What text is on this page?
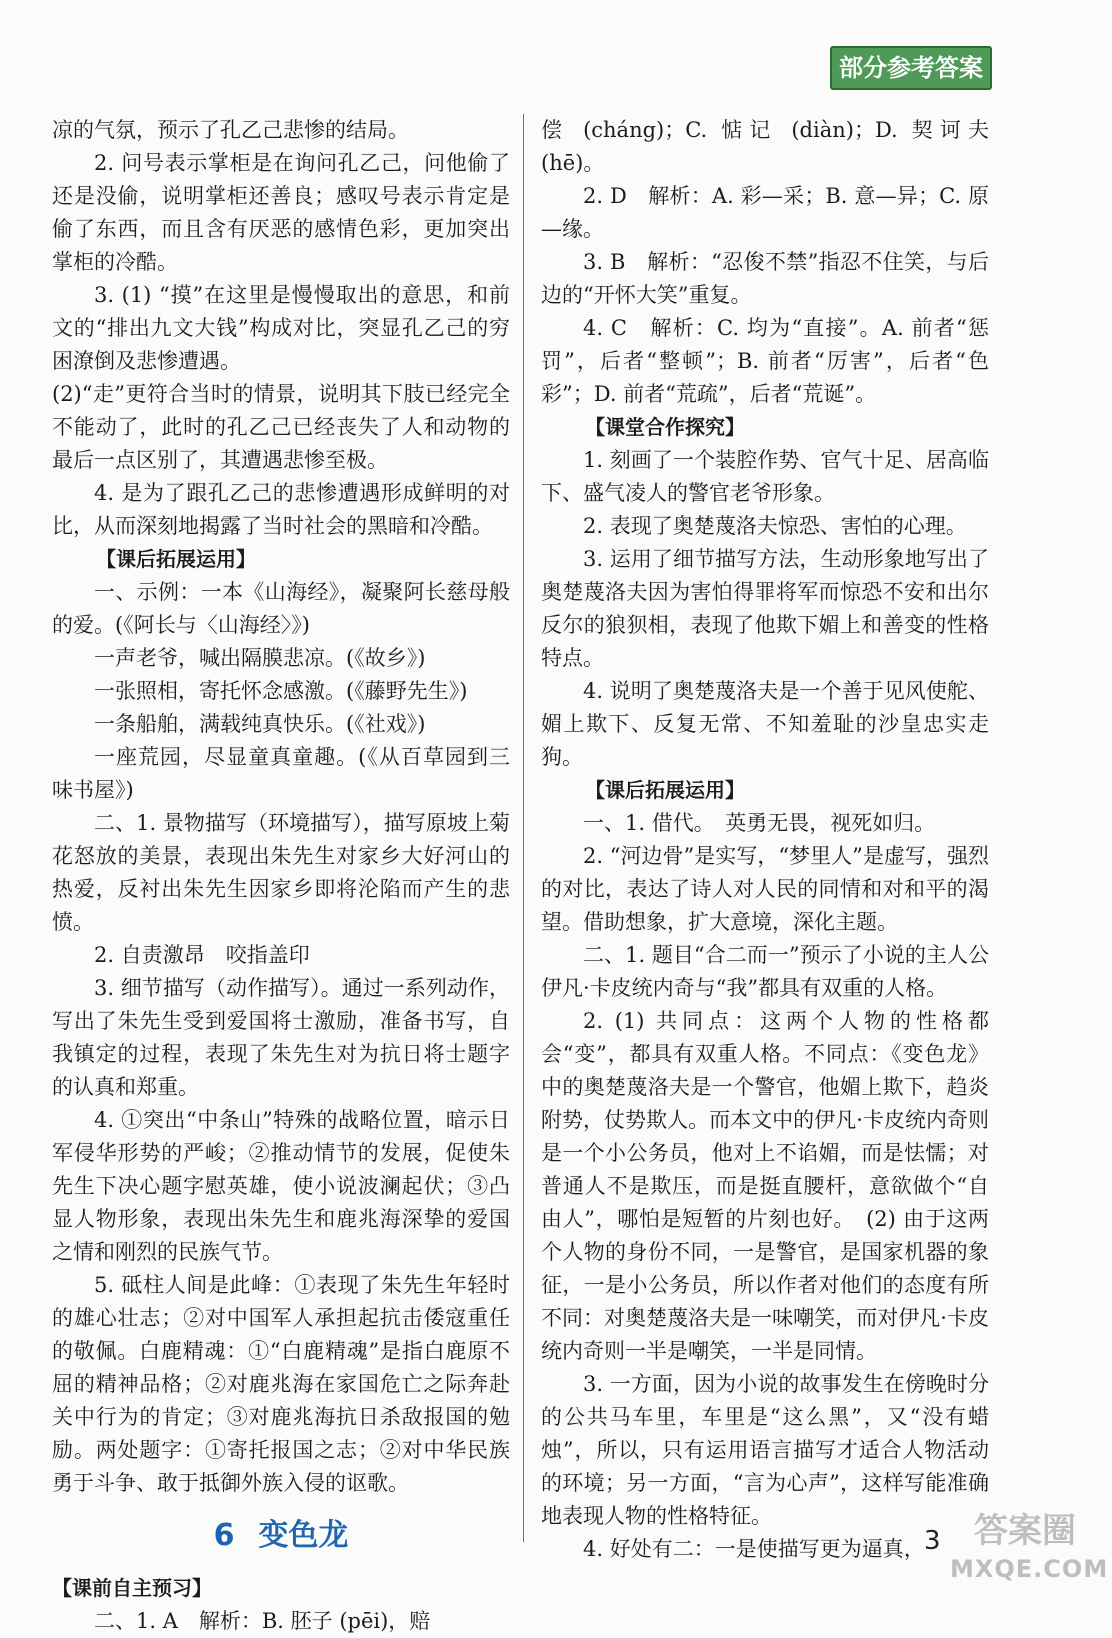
部分参考答案

凉的气氛，预示了孔乙己悲惨的结局。

2. 问号表示掌柜是在询问孔乙己，问他偷了还是没偷，说明掌柜还善良；感叹号表示肯定是偷了东西，而且含有厌恶的感情色彩，更加突出掌柜的冷酷。

3. (1) “摸”在这里是慢慢取出的意思，和前文的“排出九文大钱”构成对比，突显孔乙己的穷困潦倒及悲惨遭遇。

(2)“走”更符合当时的情景，说明其下肢已经完全不能动了，此时的孔乙己已经丧失了人和动物的最后一点区别了，其遭遇悲惨至极。

4. 是为了跟孔乙己的悲惨遭遇形成鲜明的对比，从而深刻地揭露了当时社会的黑暗和冷酷。

【课后拓展运用】

一、示例：一本《山海经》，凝聚阿长慈母般的爱。(《阿长与〈山海经〉》)

一声老爷，喊出隔膜悲凉。(《故乡》)

一张照相，寄托怀念感激。(《藤野先生》)

一条船舶，满载纯真快乐。(《社戏》)

一座荒园，尽显童真童趣。(《从百草园到三味书屋》)

二、1. 景物描写（环境描写），描写原坡上菊花怒放的美景，表现出朱先生对家乡大好河山的热爱，反衬出朱先生因家乡即将沦陷而产生的悲愤。

2. 自责激昂　咬指盖印

3. 细节描写（动作描写）。通过一系列动作，写出了朱先生受到爱国将士激励，准备书写，自我镇定的过程，表现了朱先生对为抗日将士题字的认真和郑重。

4. ①突出“中条山”特殊的战略位置，暗示日军侵华形势的严峻；②推动情节的发展，促使朱先生下决心题字慰英雄，使小说波澜起伏；③凸显人物形象，表现出朱先生和鹿兆海深挚的爱国之情和刚烈的民族气节。

5. 砥柱人间是此峰：①表现了朱先生年轻时的雄心壮志；②对中国军人承担起抗击倭寇重任的敬佩。白鹿精魂：①“白鹿精魂”是指白鹿原不屈的精神品格；②对鹿兆海在家国危亡之际奔赴关中行为的肯定；③对鹿兆海抗日杀敌报国的勉励。两处题字：①寄托报国之志；②对中华民族勇于斗争、敢于抵御外族入侵的讴歌。

6 变色龙

【课前自主预习】

二、1. A　解析：B. 胚子 (pēi)，赔

偿 (cháng)；C. 惦记 (diàn)；D. 契诃夫 (hē)。

2. D　解析：A. 彩—采；B. 意—异；C. 原—缘。

3. B　解析：“忍俊不禁”指忍不住笑，与后边的“开怀大笑”重复。

4. C　解析：C. 均为“直接”。A. 前者“惩罚”，后者“整顿”；B. 前者“厉害”，后者“色彩”；D. 前者“荒疏”，后者“荒诞”。

【课堂合作探究】

1. 刻画了一个装腔作势、官气十足、居高临下、盛气凌人的警官老爷形象。

2. 表现了奥楚蔑洛夫惊恐、害怕的心理。

3. 运用了细节描写方法，生动形象地写出了奥楚蔑洛夫因为害怕得罪将军而惊恐不安和出尔反尔的狼狈相，表现了他欺下媚上和善变的性格特点。

4. 说明了奥楚蔑洛夫是一个善于见风使舵、媚上欺下、反复无常、不知羞耻的沙皇忠实走狗。

【课后拓展运用】

一、1. 借代。　英勇无畏，视死如归。

2. “河边骨”是实写，“梦里人”是虚写，强烈的对比，表达了诗人对人民的同情和对和平的渴望。借助想象，扩大意境，深化主题。

二、1. 题目“合二而一”预示了小说的主人公伊凡·卡皮统内奇与“我”都具有双重的人格。

2. (1) 共同点：这两个人物的性格都会“变”，都具有双重人格。不同点：《变色龙》中的奥楚蔑洛夫是一个警官，他媚上欺下，趋炎附势，仗势欺人。而本文中的伊凡·卡皮统内奇则是一个小公务员，他对上不谄媚，而是怯懦；对普通人不是欺压，而是挺直腰杆，意欲做个“自由人”，哪怕是短暂的片刻也好。　(2) 由于这两个人物的身份不同，一是警官，是国家机器的象征，一是小公务员，所以作者对他们的态度有所不同：对奥楚蔑洛夫是一味嘲笑，而对伊凡·卡皮统内奇则一半是嘲笑，一半是同情。

3. 一方面，因为小说的故事发生在傍晚时分的公共马车里，车里是“这么黑”，又“没有蜡烛”，所以，只有运用语言描写才适合人物活动的环境；另一方面，“言为心声”，这样写能准确地表现人物的性格特征。

4. 好处有二：一是使描写更为逼真， 3 答案圈
MXQE.COM
